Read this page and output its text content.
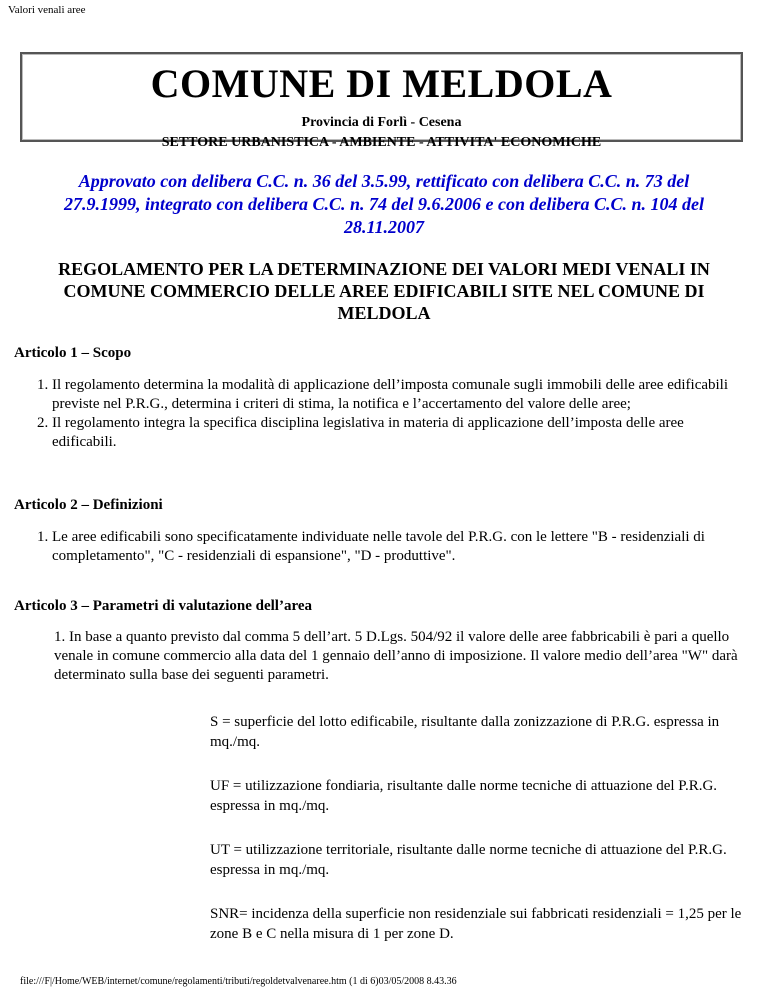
Valori venali aree
COMUNE DI MELDOLA
Provincia di Forlì - Cesena
SETTORE URBANISTICA - AMBIENTE - ATTIVITA' ECONOMICHE
Approvato con delibera C.C. n. 36 del 3.5.99, rettificato con delibera C.C. n. 73 del
27.9.1999, integrato con delibera C.C. n. 74 del 9.6.2006 e con delibera C.C. n. 104 del
28.11.2007
REGOLAMENTO PER LA DETERMINAZIONE DEI VALORI MEDI VENALI IN
COMUNE COMMERCIO DELLE AREE EDIFICABILI SITE NEL COMUNE DI
MELDOLA
Articolo 1 – Scopo
1. Il regolamento determina la modalità di applicazione dell’imposta comunale sugli immobili delle aree edificabili previste nel P.R.G., determina i criteri di stima, la notifica e l’accertamento del valore delle aree;
2. Il regolamento integra la specifica disciplina legislativa in materia di applicazione dell’imposta delle aree edificabili.
Articolo 2 – Definizioni
1. Le aree edificabili sono specificatamente individuate nelle tavole del P.R.G. con le lettere "B - residenziali di completamento", "C - residenziali di espansione", "D - produttive".
Articolo 3 – Parametri di valutazione dell’area
1. In base a quanto previsto dal comma 5 dell’art. 5 D.Lgs. 504/92 il valore delle aree fabbricabili è pari a quello venale in comune commercio alla data del 1 gennaio dell’anno di imposizione. Il valore medio dell’area "W" darà determinato sulla base dei seguenti parametri.
S = superficie del lotto edificabile, risultante dalla zonizzazione di P.R.G. espressa in mq./mq.
UF = utilizzazione fondiaria, risultante dalle norme tecniche di attuazione del P.R.G. espressa in mq./mq.
UT = utilizzazione territoriale, risultante dalle norme tecniche di attuazione del P.R.G. espressa in mq./mq.
SNR= incidenza della superficie non residenziale sui fabbricati residenziali = 1,25 per le zone B e C nella misura di 1 per zone D.
file:///F|/Home/WEB/internet/comune/regolamenti/tributi/regoldetvalvenaree.htm (1 di 6)03/05/2008 8.43.36
